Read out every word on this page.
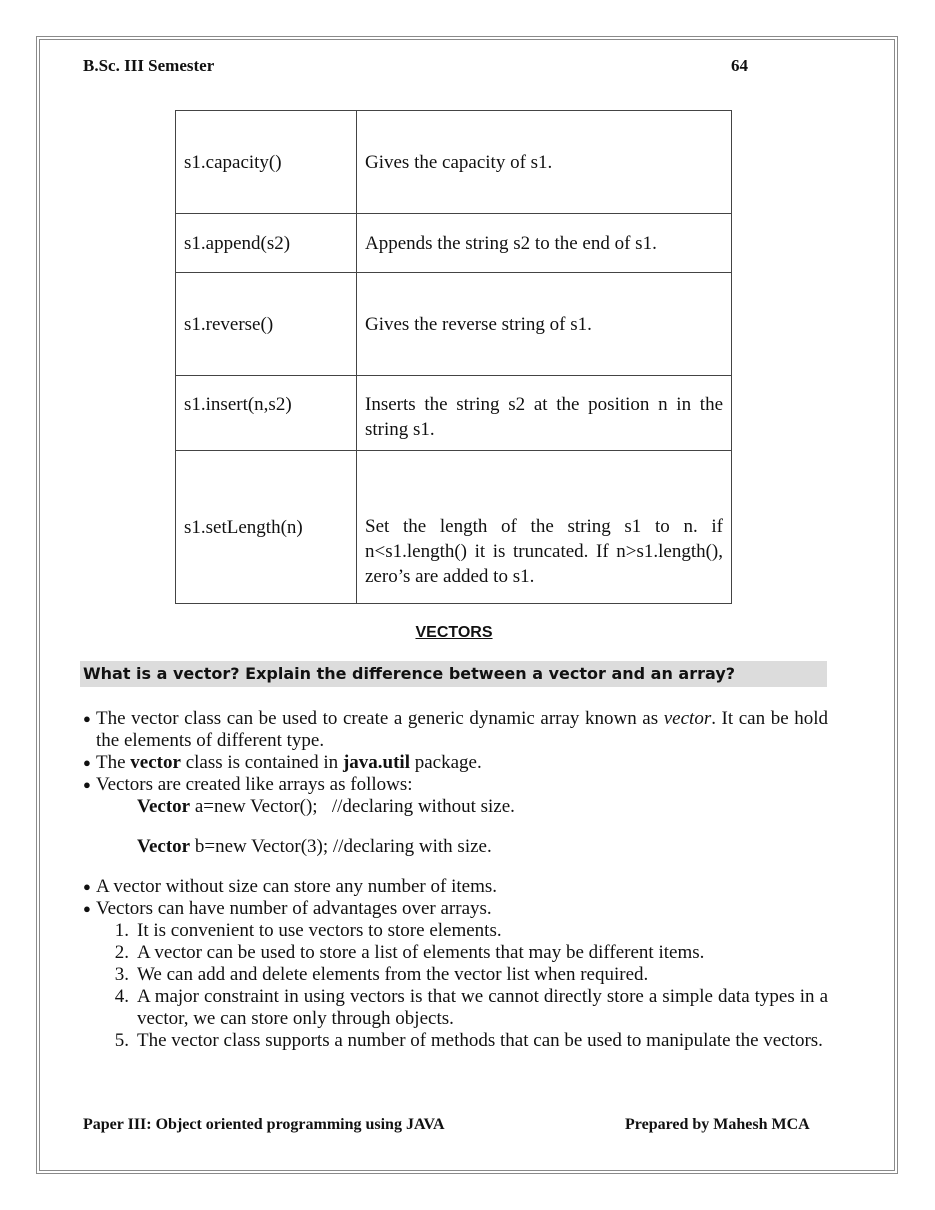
B.Sc. III Semester	64
s1.capacity()	Gives the capacity of s1.
s1.append(s2)	Appends the string s2 to the end of s1.
s1.reverse()	Gives the reverse string of s1.
s1.insert(n,s2)	Inserts the string s2 at the position n in the string s1.
s1.setLength(n)	Set the length of the string s1 to n. if n<s1.length() it is truncated. If n>s1.length(), zero’s are added to s1.
VECTORS
What is a vector? Explain the difference between a vector and an array?
● The vector class can be used to create a generic dynamic array known as vector. It can be hold the elements of different type.
● The vector class is contained in java.util package.
● Vectors are created like arrays as follows:
Vector a=new Vector();   //declaring without size.
Vector b=new Vector(3); //declaring with size.
● A vector without size can store any number of items.
● Vectors can have number of advantages over arrays.
1. It is convenient to use vectors to store elements.
2. A vector can be used to store a list of elements that may be different items.
3. We can add and delete elements from the vector list when required.
4. A major constraint in using vectors is that we cannot directly store a simple data types in a vector, we can store only through objects.
5. The vector class supports a number of methods that can be used to manipulate the vectors.
Paper III: Object oriented programming using JAVA	Prepared by Mahesh MCA
